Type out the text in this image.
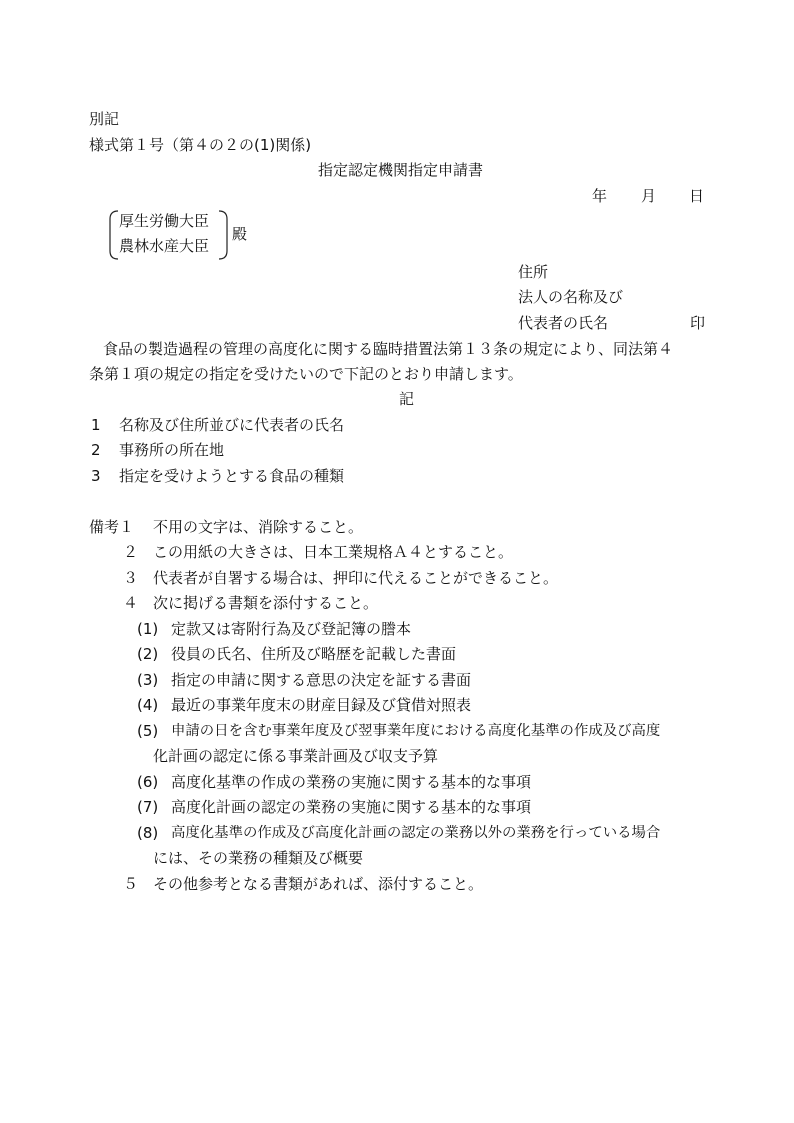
別記
様式第１号（第４の２の(1)関係)
指定認定機関指定申請書
年 月 日
厚生労働大臣
農林水産大臣
殿
住所
法人の名称及び
代表者の氏名	印
食品の製造過程の管理の高度化に関する臨時措置法第１３条の規定により、同法第４
条第１項の規定の指定を受けたいので下記のとおり申請します。
記
1 名称及び住所並びに代表者の氏名
2 事務所の所在地
3 指定を受けようとする食品の種類
備考１ 不用の文字は、消除すること。
２ この用紙の大きさは、日本工業規格Ａ４とすること。
３ 代表者が自署する場合は、押印に代えることができること。
４ 次に掲げる書類を添付すること。
(1) 定款又は寄附行為及び登記簿の謄本
(2) 役員の氏名、住所及び略歴を記載した書面
(3) 指定の申請に関する意思の決定を証する書面
(4) 最近の事業年度末の財産目録及び貸借対照表
(5) 申請の日を含む事業年度及び翌事業年度における高度化基準の作成及び高度
化計画の認定に係る事業計画及び収支予算
(6) 高度化基準の作成の業務の実施に関する基本的な事項
(7) 高度化計画の認定の業務の実施に関する基本的な事項
(8) 高度化基準の作成及び高度化計画の認定の業務以外の業務を行っている場合
には、その業務の種類及び概要
５ その他参考となる書類があれば、添付すること。
